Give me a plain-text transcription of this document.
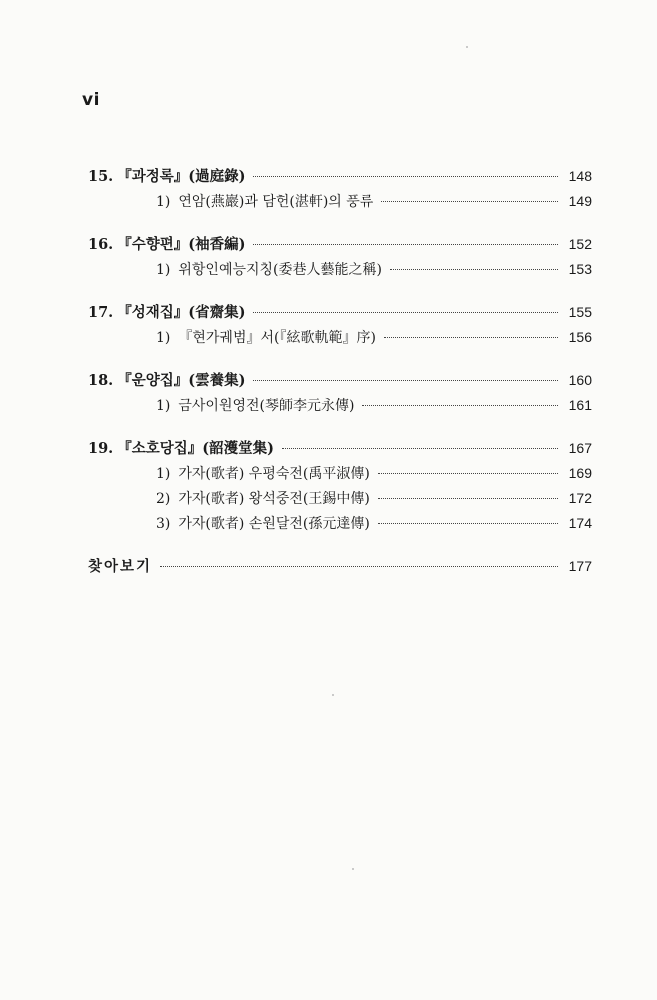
vi
15. 『과정록』(過庭錄)	148
1) 연암(燕巖)과 담헌(湛軒)의 풍류	149
16. 『수향편』(袖香編)	152
1) 위항인예능지칭(委巷人藝能之稱)	153
17. 『성재집』(省齋集)	155
1) 『현가궤범』서(『絃歌軌範』序)	156
18. 『운양집』(雲養集)	160
1) 금사이원영전(琴師李元永傳)	161
19. 『소호당집』(韶濩堂集)	167
1) 가자(歌者) 우평숙전(禹平淑傳)	169
2) 가자(歌者) 왕석중전(王錫中傳)	172
3) 가자(歌者) 손원달전(孫元達傳)	174
찾아보기	177
